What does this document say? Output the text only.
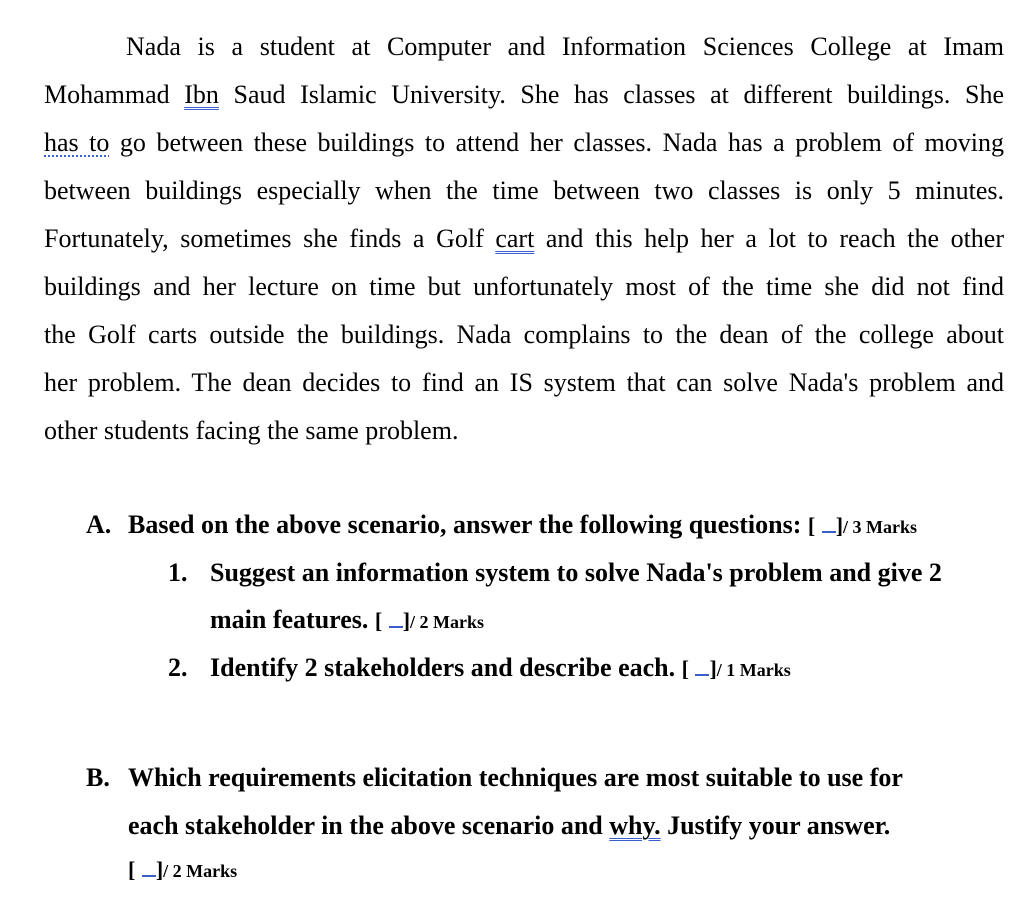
Nada is a student at Computer and Information Sciences College at Imam
Mohammad Ibn Saud Islamic University. She has classes at different buildings. She
has to go between these buildings to attend her classes. Nada has a problem of moving
between buildings especially when the time between two classes is only 5 minutes.
Fortunately, sometimes she finds a Golf cart and this help her a lot to reach the other
buildings and her lecture on time but unfortunately most of the time she did not find
the Golf carts outside the buildings. Nada complains to the dean of the college about
her problem. The dean decides to find an IS system that can solve Nada's problem and
other students facing the same problem.
A. Based on the above scenario, answer the following questions: [ ]/ 3 Marks
1. Suggest an information system to solve Nada's problem and give 2
main features. [ ]/ 2 Marks
2. Identify 2 stakeholders and describe each. [ ]/ 1 Marks
B. Which requirements elicitation techniques are most suitable to use for
each stakeholder in the above scenario and why. Justify your answer.
[ ]/ 2 Marks
